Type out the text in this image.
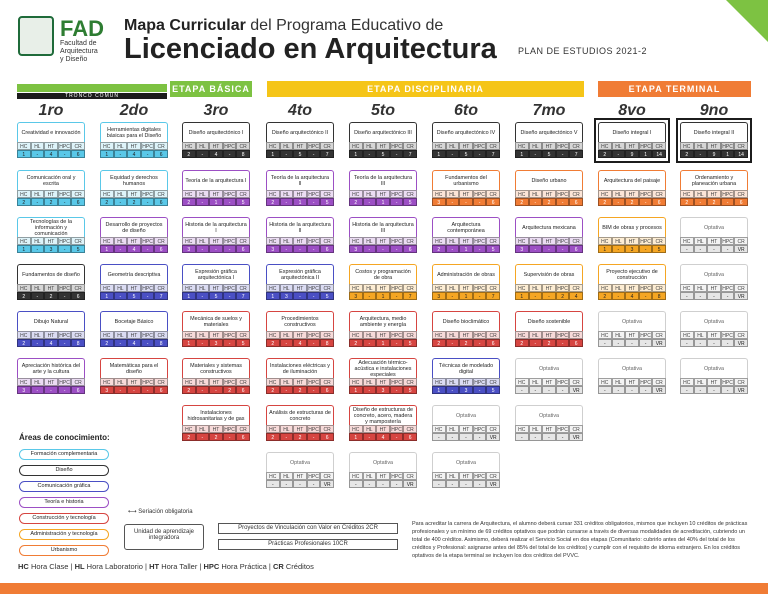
FAD
Facultad de
Arquitectura
y Diseño
Mapa Curricular del Programa Educativo de
Licenciado en Arquitectura PLAN DE ESTUDIOS 2021-2
ETAPA BÁSICA	ETAPA DISCIPLINARIA	ETAPA TERMINAL
TRONCO COMÚN
1ro	2do	3ro	4to	5to	6to	7mo	8vo	9no
Creatividad e innovación
HC	HL	HT HPC CR
1	-	4	-	6
Comunicación oral y escrita
HC	HL	HT HPC CR
2	-	2	-	6
Tecnologías de la información y comunicación
HC	HL	HT HPC CR
1	-	3	-	5
Fundamentos de diseño
HC	HL	HT HPC CR
2	-	2	-	6
Dibujo Natural
HC	HL	HT HPC CR
2	-	4	-	8
Apreciación histórica del arte y la cultura
HC	HL	HT HPC CR
3	-	-	-	6
Herramientas digitales básicas para el Diseño
HC	HL	HT HPC CR
1	-	4	-	6
Equidad y derechos humanos
HC	HL	HT HPC CR
2	-	2	-	6
Desarrollo de proyectos de diseño
HC	HL	HT HPC CR
1	-	4	-	6
Geometría descriptiva
HC	HL	HT HPC CR
1	-	5	-	7
Bocetaje Básico
HC	HL	HT HPC CR
2	-	4	-	8
Matemáticas para el diseño
HC	HL	HT HPC CR
3	-	-	-	6
Diseño arquitectónico I
HC	HL	HT HPC CR
2	-	4	-	8
Teoría de la arquitectura I
HC	HL	HT HPC CR
2	-	1	-	5
Historia de la arquitectura I
HC	HL	HT HPC CR
3	-	-	-	6
Expresión gráfica arquitectónica I
HC	HL	HT HPC CR
1	-	5	-	7
Mecánica de suelos y materiales
HC	HL	HT HPC CR
1	-	3	-	5
Materiales y sistemas constructivos
HC	HL	HT HPC CR
2	-	-	2	6
Instalaciones hidrosanitarias y de gas
HC	HL	HT HPC CR
2	-	2	-	6
Diseño arquitectónico II
HC	HL	HT HPC CR
1	-	5	-	7
Teoría de la arquitectura II
HC	HL	HT HPC CR
2	-	1	-	5
Historia de la arquitectura II
HC	HL	HT HPC CR
3	-	-	-	6
Expresión gráfica arquitectónica II
HC	HL	HT HPC CR
1	3	-	-	5
Procedimientos constructivos
HC	HL	HT HPC CR
2	-	4	-	8
Instalaciones eléctricas y de iluminación
HC	HL	HT HPC CR
2	-	2	-	6
Análisis de estructuras de concreto
HC	HL	HT HPC CR
2	-	2	-	6
Optativa
HC	HL	HT HPC CR
-	-	-	-	VR
Diseño arquitectónico III
HC	HL	HT HPC CR
1	-	5	-	7
Teoría de la arquitectura III
HC	HL	HT HPC CR
2	-	1	-	5
Historia de la arquitectura III
HC	HL	HT HPC CR
3	-	-	-	6
Costos y programación de obra
HC	HL	HT HPC CR
3	-	1	-	7
Arquitectura, medio ambiente y energía
HC	HL	HT HPC CR
2	-	1	-	5
Adecuación térmico-acústica e instalaciones especiales
HC	HL	HT HPC CR
1	-	3	-	5
Diseño de estructuras de concreto, acero, madera y mampostería
HC	HL	HT HPC CR
1	-	4	-	6
Optativa
HC	HL	HT HPC CR
-	-	-	-	VR
Diseño arquitectónico IV
HC	HL	HT HPC CR
1	-	5	-	7
Fundamentos del urbanismo
HC	HL	HT HPC CR
3	-	-	-	6
Arquitectura contemporánea
HC	HL	HT HPC CR
2	-	1	-	5
Administración de obras
HC	HL	HT HPC CR
3	-	1	-	7
Diseño bioclimático
HC	HL	HT HPC CR
2	-	2	-	6
Técnicas de modelado digital
HC	HL	HT HPC CR
1	-	3	-	5
Optativa
HC	HL	HT HPC CR
-	-	-	-	VR
Optativa
HC	HL	HT HPC CR
-	-	-	-	VR
Diseño arquitectónico V
HC	HL	HT HPC CR
1	-	5	-	7
Diseño urbano
HC	HL	HT HPC CR
2	-	2	-	6
Arquitectura mexicana
HC	HL	HT HPC CR
3	-	-	-	6
Supervisión de obras
HC	HL	HT HPC CR
1	-	-	2	4
Diseño sostenible
HC	HL	HT HPC CR
2	-	2	-	6
Optativa
HC	HL	HT HPC CR
-	-	-	-	VR
Optativa
HC	HL	HT HPC CR
-	-	-	-	VR
Diseño integral I
HC	HL	HT HPC CR
2	-	9	1	14
Arquitectura del paisaje
HC	HL	HT HPC CR
2	-	2	-	6
BIM de obras y procesos
HC	HL	HT HPC CR
1	-	3	-	5
Proyecto ejecutivo de construcción
HC	HL	HT HPC CR
2	-	4	-	8
Optativa
HC	HL	HT HPC CR
-	-	-	-	VR
Optativa
HC	HL	HT HPC CR
-	-	-	-	VR
Diseño integral II
HC	HL	HT HPC CR
2	-	9	1	14
Ordenamiento y planeación urbana
HC	HL	HT HPC CR
2	-	2	-	6
Optativa
HC	HL	HT HPC CR
-	-	-	-	VR
Optativa
HC	HL	HT HPC CR
-	-	-	-	VR
Optativa
HC	HL	HT HPC CR
-	-	-	-	VR
Optativa
HC	HL	HT HPC CR
-	-	-	-	VR
Áreas de conocimiento:
Formación complementaria
Diseño
Comunicación gráfica
Teoría e historia
Construcción y tecnología
Administración y tecnología
Urbanismo
⟷ Seriación obligatoria
Unidad de aprendizaje integradora
Proyectos de Vinculación con Valor en Créditos 2CR
Prácticas Profesionales 10CR
Para acreditar la carrera de Arquitectura, el alumno deberá cursar 331 créditos obligatorios, mismos que incluyen 10 créditos de prácticas profesionales y un mínimo de 69 créditos optativos que podrán cursarse a través de diversas modalidades de acreditación, cubriendo un total de 400 créditos. Asimismo, deberá realizar el Servicio Social en dos etapas (Comunitario: cubrirlo antes del 40% del total de los créditos y Profesional: asignarse antes del 85% del total de los créditos) y cumplir con el requisito de idioma extranjero. En los créditos optativos de la etapa terminal se incluyen los dos créditos del PVVC.
HC Hora Clase | HL Hora Laboratorio | HT Hora Taller | HPC Hora Práctica | CR Créditos
